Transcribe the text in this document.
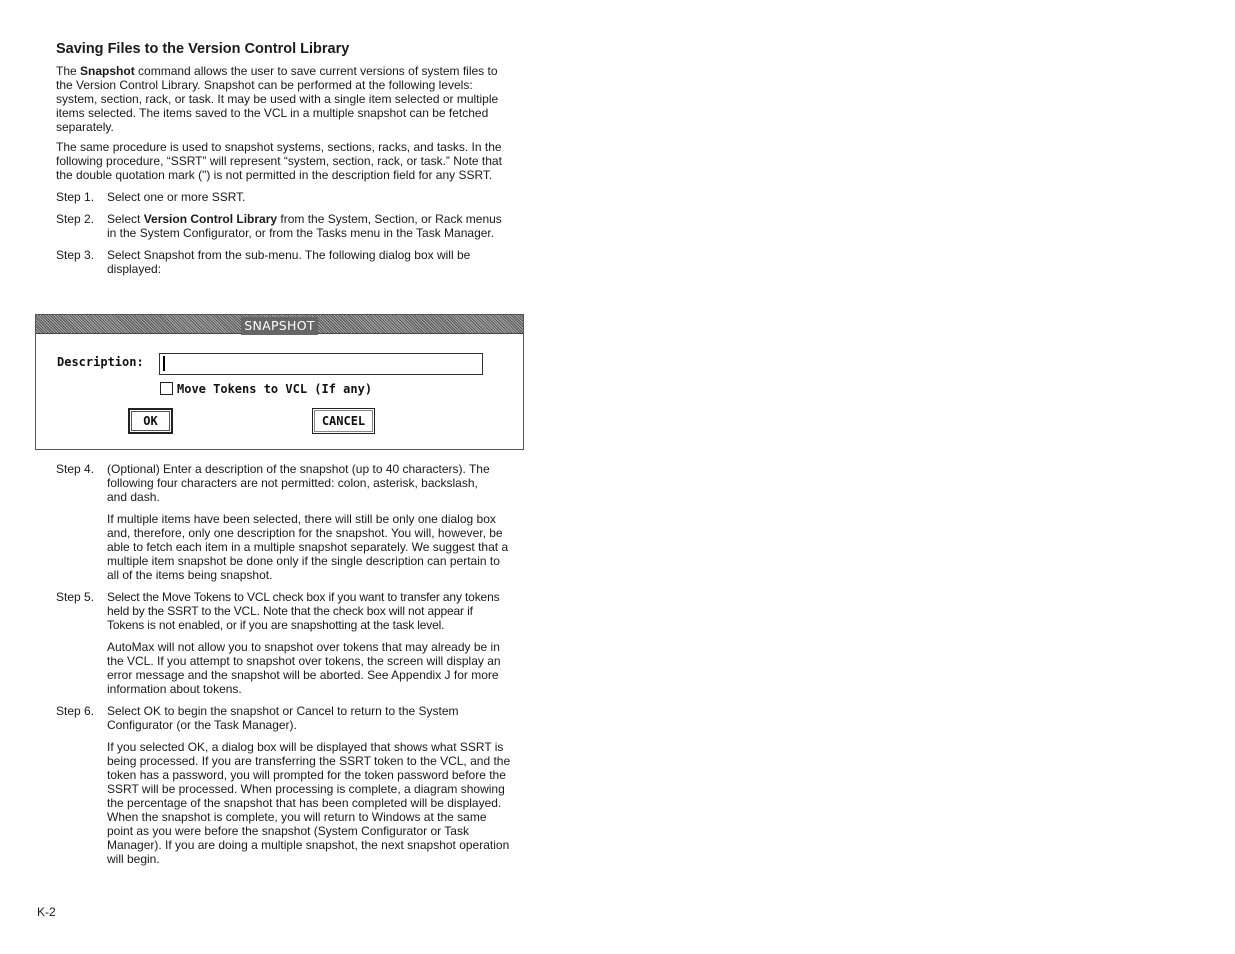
Saving Files to the Version Control Library

The Snapshot command allows the user to save current versions of system files to the Version Control Library. Snapshot can be performed at the following levels: system, section, rack, or task. It may be used with a single item selected or multiple items selected. The items saved to the VCL in a multiple snapshot can be fetched separately.

The same procedure is used to snapshot systems, sections, racks, and tasks. In the following procedure, “SSRT” will represent “system, section, rack, or task.” Note that the double quotation mark (") is not permitted in the description field for any SSRT.

Step 1.	Select one or more SSRT.
Step 2.	Select Version Control Library from the System, Section, or Rack menus in the System Configurator, or from the Tasks menu in the Task Manager.
Step 3.	Select Snapshot from the sub-menu. The following dialog box will be displayed:
SNAPSHOT
Description:
Move Tokens to VCL (If any)
OK	CANCEL
Step 4.	(Optional) Enter a description of the snapshot (up to 40 characters). The following four characters are not permitted: colon, asterisk, backslash, and dash.
If multiple items have been selected, there will still be only one dialog box and, therefore, only one description for the snapshot. You will, however, be able to fetch each item in a multiple snapshot separately. We suggest that a multiple item snapshot be done only if the single description can pertain to all of the items being snapshot.
Step 5.	Select the Move Tokens to VCL check box if you want to transfer any tokens held by the SSRT to the VCL. Note that the check box will not appear if Tokens is not enabled, or if you are snapshotting at the task level.
AutoMax will not allow you to snapshot over tokens that may already be in the VCL. If you attempt to snapshot over tokens, the screen will display an error message and the snapshot will be aborted. See Appendix J for more information about tokens.
Step 6.	Select OK to begin the snapshot or Cancel to return to the System Configurator (or the Task Manager).
If you selected OK, a dialog box will be displayed that shows what SSRT is being processed. If you are transferring the SSRT token to the VCL, and the token has a password, you will prompted for the token password before the SSRT will be processed. When processing is complete, a diagram showing the percentage of the snapshot that has been completed will be displayed. When the snapshot is complete, you will return to Windows at the same point as you were before the snapshot (System Configurator or Task Manager). If you are doing a multiple snapshot, the next snapshot operation will begin.
K-2
